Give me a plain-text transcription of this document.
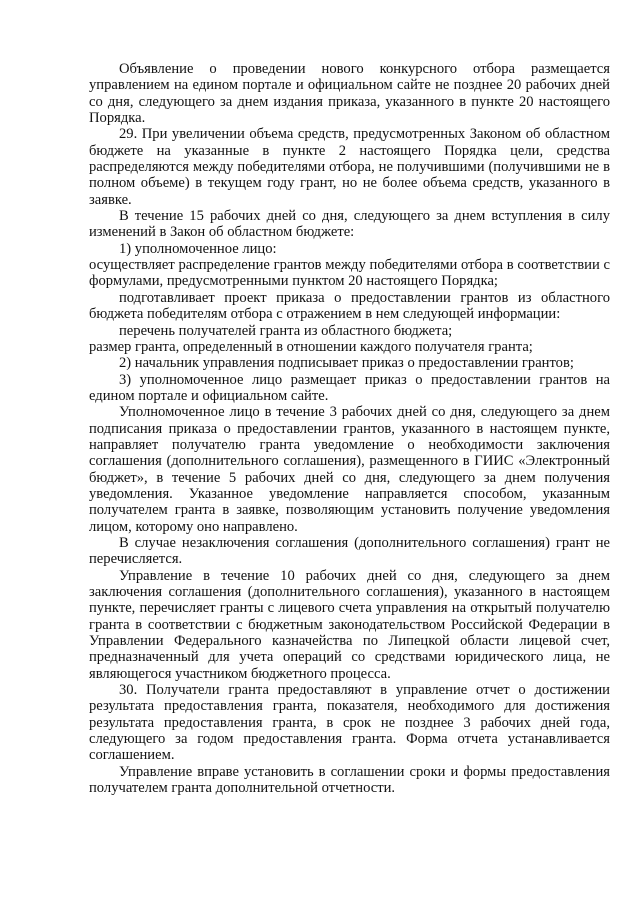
Объявление о проведении нового конкурсного отбора размещается управлением на едином портале и официальном сайте не позднее 20 рабочих дней со дня, следующего за днем издания приказа, указанного в пункте 20 настоящего Порядка.

29. При увеличении объема средств, предусмотренных Законом об областном бюджете на указанные в пункте 2 настоящего Порядка цели, средства распределяются между победителями отбора, не получившими (получившими не в полном объеме) в текущем году грант, но не более объема средств, указанного в заявке.

В течение 15 рабочих дней со дня, следующего за днем вступления в силу изменений в Закон об областном бюджете:

1) уполномоченное лицо:

осуществляет распределение грантов между победителями отбора в соответствии с формулами, предусмотренными пунктом 20 настоящего Порядка;

подготавливает проект приказа о предоставлении грантов из областного бюджета победителям отбора с отражением в нем следующей информации:

перечень получателей гранта из областного бюджета;

размер гранта, определенный в отношении каждого получателя гранта;

2) начальник управления подписывает приказ о предоставлении грантов;

3) уполномоченное лицо размещает приказ о предоставлении грантов на едином портале и официальном сайте.

Уполномоченное лицо в течение 3 рабочих дней со дня, следующего за днем подписания приказа о предоставлении грантов, указанного в настоящем пункте, направляет получателю гранта уведомление о необходимости заключения соглашения (дополнительного соглашения), размещенного в ГИИС «Электронный бюджет», в течение 5 рабочих дней со дня, следующего за днем получения уведомления. Указанное уведомление направляется способом, указанным получателем гранта в заявке, позволяющим установить получение уведомления лицом, которому оно направлено.

В случае незаключения соглашения (дополнительного соглашения) грант не перечисляется.

Управление в течение 10 рабочих дней со дня, следующего за днем заключения соглашения (дополнительного соглашения), указанного в настоящем пункте, перечисляет гранты с лицевого счета управления на открытый получателю гранта в соответствии с бюджетным законодательством Российской Федерации в Управлении Федерального казначейства по Липецкой области лицевой счет, предназначенный для учета операций со средствами юридического лица, не являющегося участником бюджетного процесса.

30. Получатели гранта предоставляют в управление отчет о достижении результата предоставления гранта, показателя, необходимого для достижения результата предоставления гранта, в срок не позднее 3 рабочих дней года, следующего за годом предоставления гранта. Форма отчета устанавливается соглашением.

Управление вправе установить в соглашении сроки и формы предоставления получателем гранта дополнительной отчетности.
